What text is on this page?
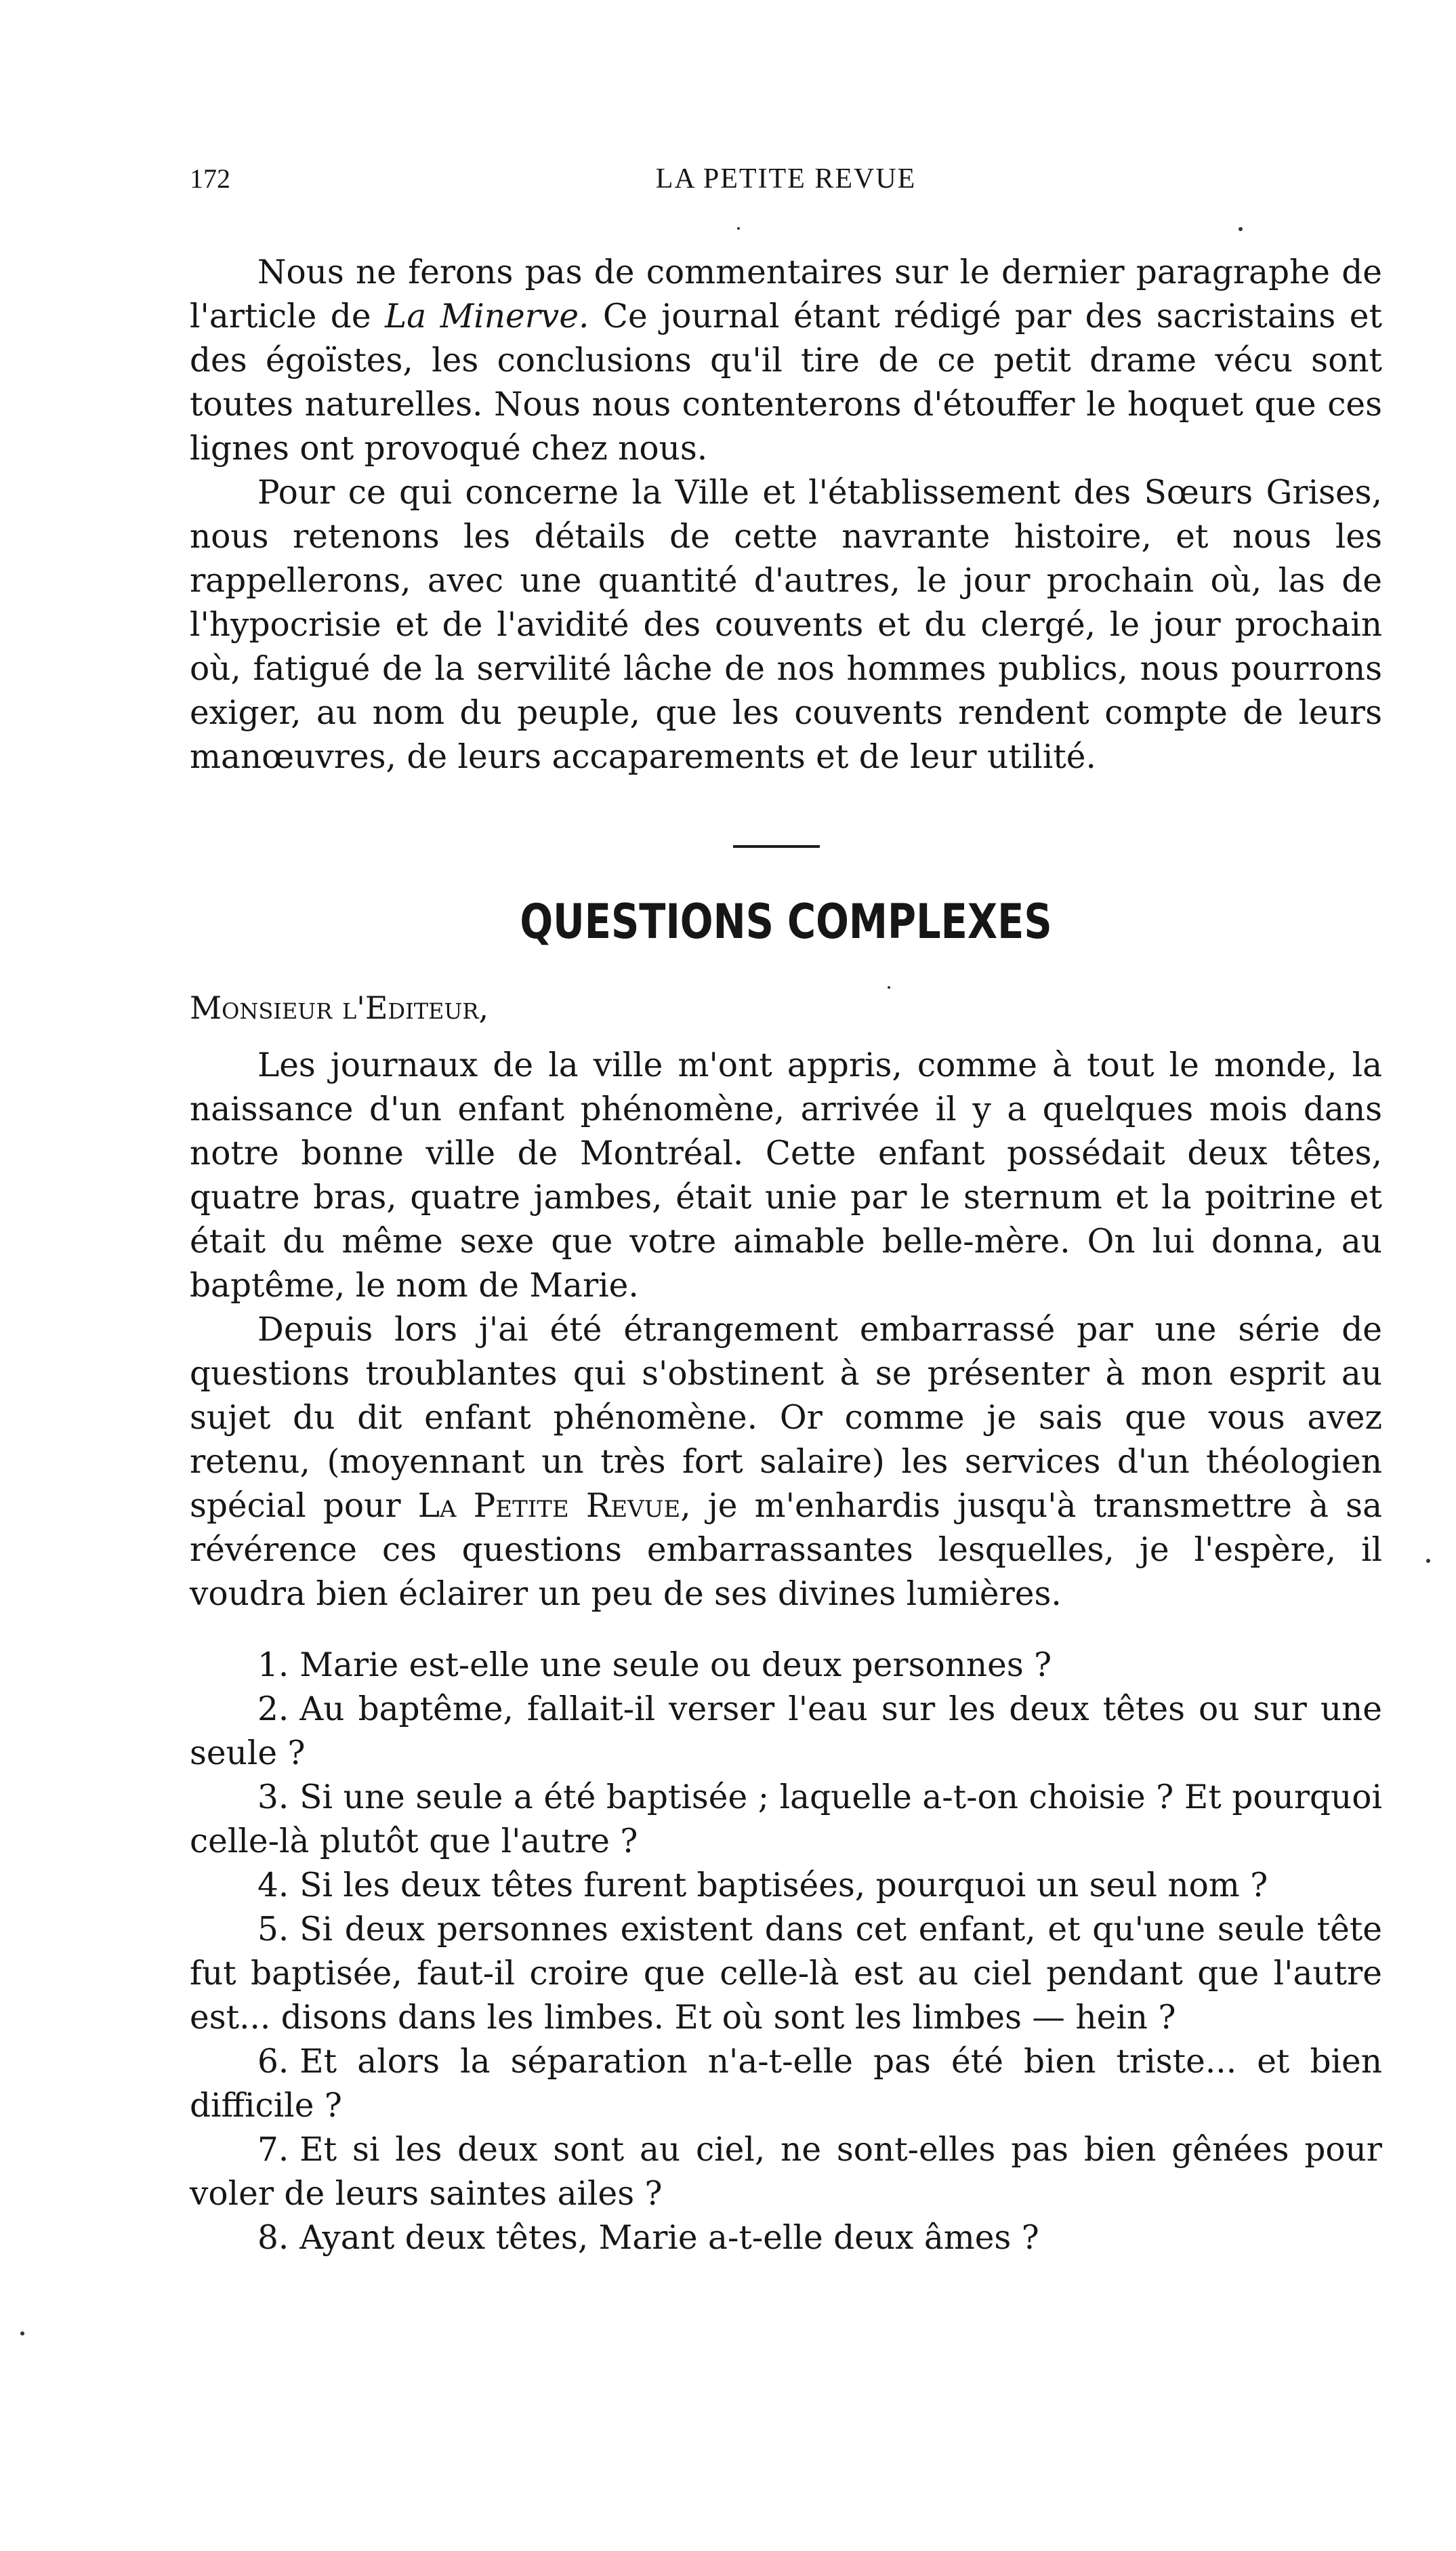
172	LA PETITE REVUE

Nous ne ferons pas de commentaires sur le dernier paragraphe de l'article de La Minerve. Ce journal étant rédigé par des sacristains et des égoïstes, les conclusions qu'il tire de ce petit drame vécu sont toutes naturelles. Nous nous contenterons d'étouffer le hoquet que ces lignes ont provoqué chez nous.

Pour ce qui concerne la Ville et l'établissement des Sœurs Grises, nous retenons les détails de cette navrante histoire, et nous les rappellerons, avec une quantité d'autres, le jour prochain où, las de l'hypocrisie et de l'avidité des couvents et du clergé, le jour prochain où, fatigué de la servilité lâche de nos hommes publics, nous pourrons exiger, au nom du peuple, que les couvents rendent compte de leurs manœuvres, de leurs accaparements et de leur utilité.

QUESTIONS COMPLEXES
Monsieur l'Editeur,

Les journaux de la ville m'ont appris, comme à tout le monde, la naissance d'un enfant phénomène, arrivée il y a quelques mois dans notre bonne ville de Montréal. Cette enfant possédait deux têtes, quatre bras, quatre jambes, était unie par le sternum et la poitrine et était du même sexe que votre aimable belle-mère. On lui donna, au baptême, le nom de Marie.

Depuis lors j'ai été étrangement embarrassé par une série de questions troublantes qui s'obstinent à se présenter à mon esprit au sujet du dit enfant phénomène. Or comme je sais que vous avez retenu, (moyennant un très fort salaire) les services d'un théologien spécial pour La Petite Revue, je m'enhardis jusqu'à transmettre à sa révérence ces questions embarrassantes lesquelles, je l'espère, il voudra bien éclairer un peu de ses divines lumières.

1. Marie est-elle une seule ou deux personnes ?
2. Au baptême, fallait-il verser l'eau sur les deux têtes ou sur une seule ?
3. Si une seule a été baptisée ; laquelle a-t-on choisie ? Et pourquoi celle-là plutôt que l'autre ?
4. Si les deux têtes furent baptisées, pourquoi un seul nom ?
5. Si deux personnes existent dans cet enfant, et qu'une seule tête fut baptisée, faut-il croire que celle-là est au ciel pendant que l'autre est... disons dans les limbes. Et où sont les limbes — hein ?
6. Et alors la séparation n'a-t-elle pas été bien triste... et bien difficile ?
7. Et si les deux sont au ciel, ne sont-elles pas bien gênées pour voler de leurs saintes ailes ?
8. Ayant deux têtes, Marie a-t-elle deux âmes ?
